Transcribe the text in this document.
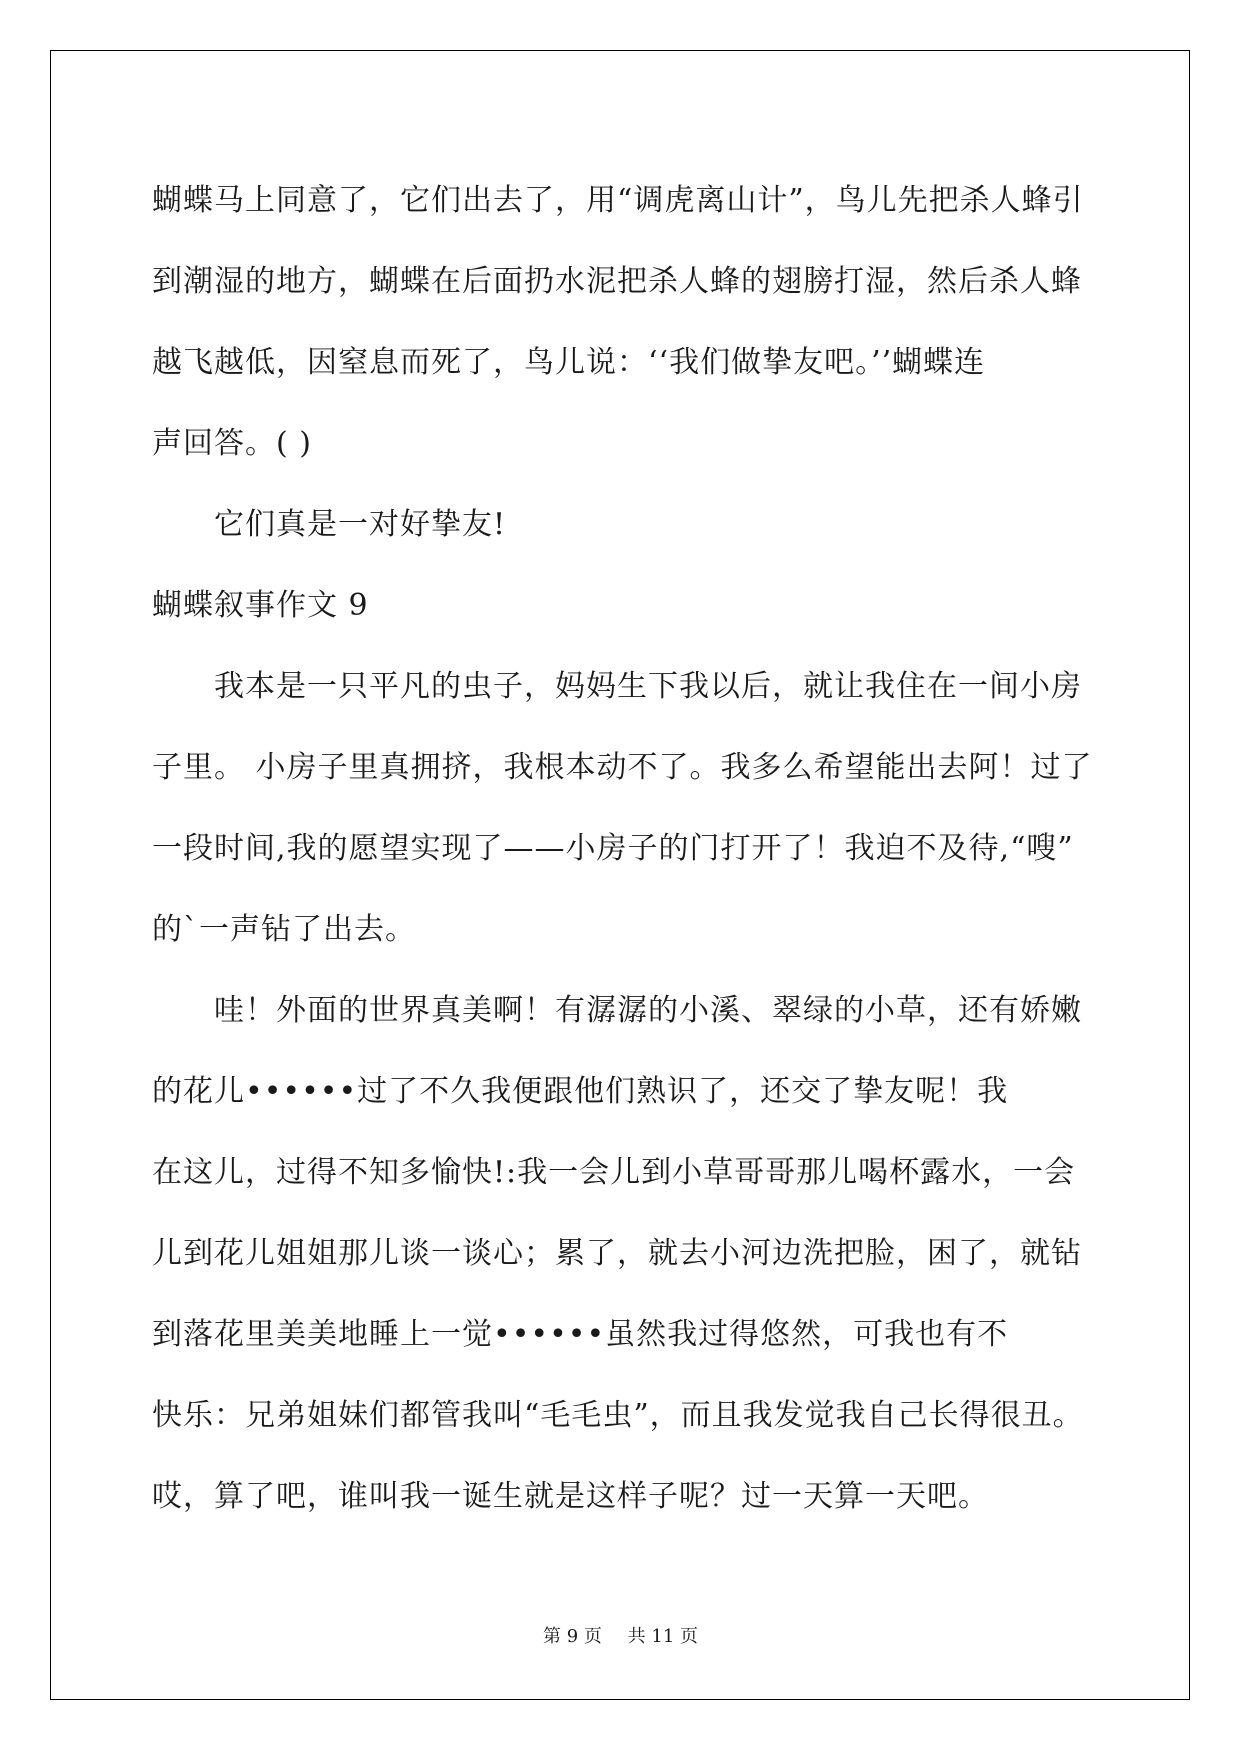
蝴蝶马上同意了，它们出去了，用“调虎离山计”，鸟儿先把杀人蜂引
到潮湿的地方，蝴蝶在后面扔水泥把杀人蜂的翅膀打湿，然后杀人蜂
越飞越低，因窒息而死了，鸟儿说：‘‘我们做挚友吧。’’蝴蝶连
声回答。( )
它们真是一对好挚友!
蝴蝶叙事作文 9
我本是一只平凡的虫子，妈妈生下我以后，就让我住在一间小房
子里。 小房子里真拥挤，我根本动不了。我多么希望能出去阿！过了
一段时间,我的愿望实现了——小房子的门打开了！我迫不及待,“嗖”
的`一声钻了出去。
哇！外面的世界真美啊！有潺潺的小溪、翠绿的小草，还有娇嫩
的花儿••••••过了不久我便跟他们熟识了，还交了挚友呢！我
在这儿，过得不知多愉快!:我一会儿到小草哥哥那儿喝杯露水，一会
儿到花儿姐姐那儿谈一谈心；累了，就去小河边洗把脸，困了，就钻
到落花里美美地睡上一觉••••••虽然我过得悠然，可我也有不
快乐：兄弟姐妹们都管我叫“毛毛虫”，而且我发觉我自己长得很丑。
哎，算了吧，谁叫我一诞生就是这样子呢？过一天算一天吧。
第 9 页 共 11 页
